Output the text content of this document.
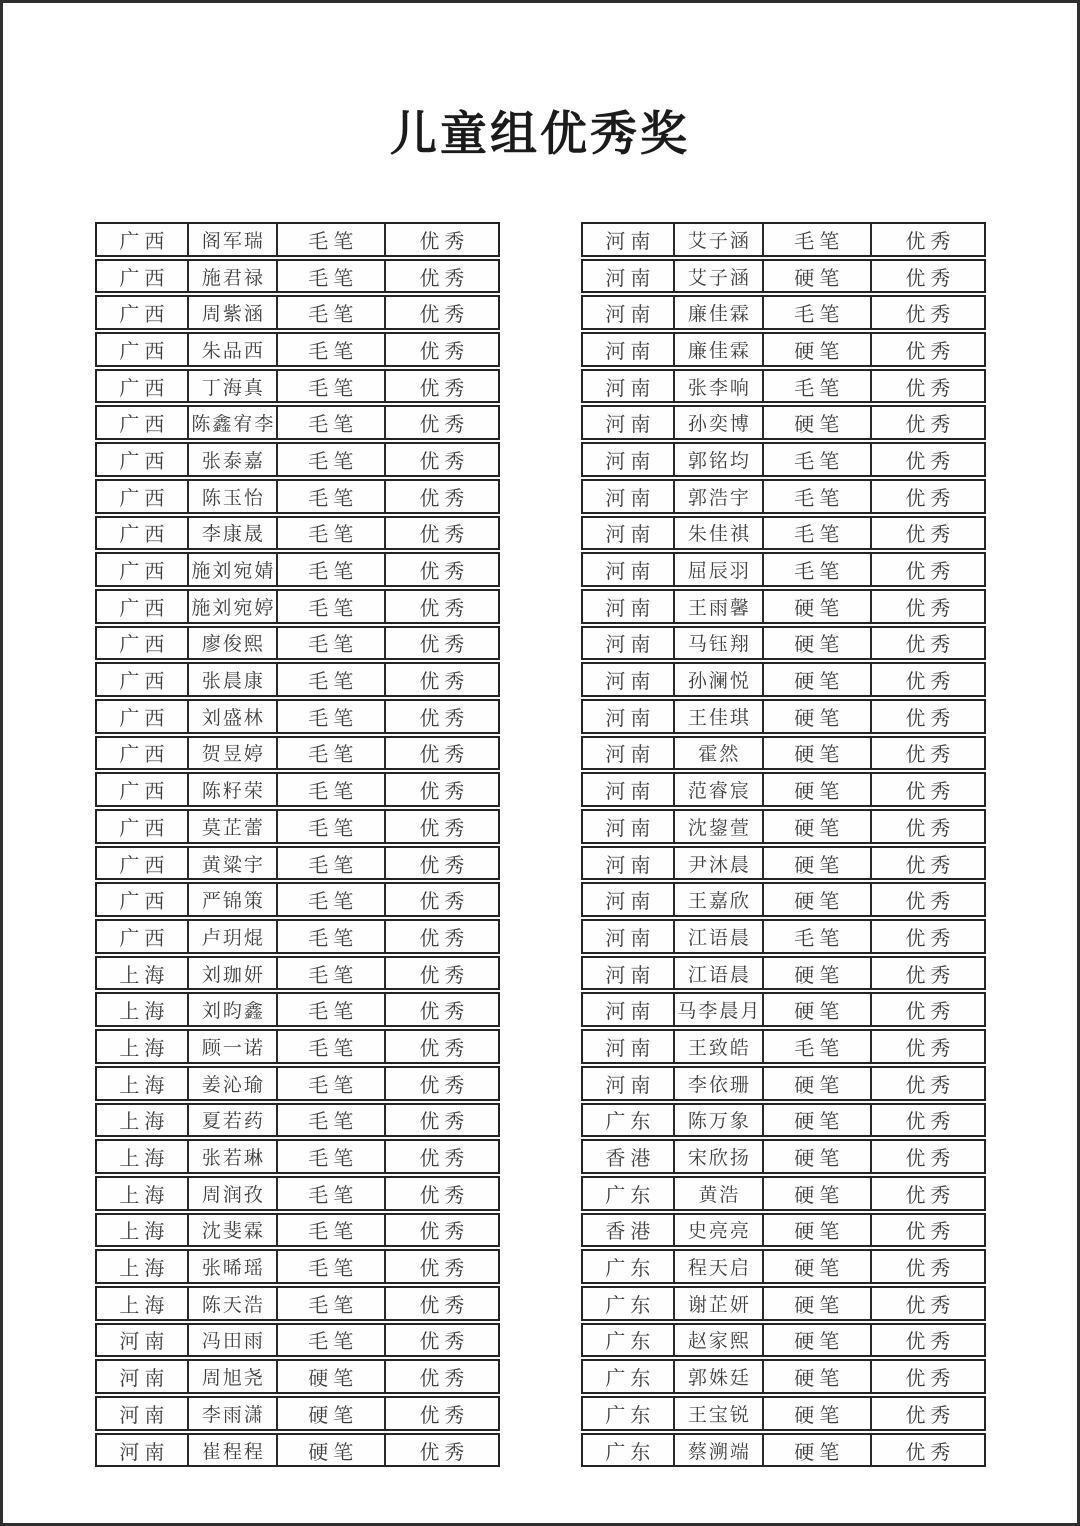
儿童组优秀奖
广西	阁军瑞	毛笔	优秀
广西	施君禄	毛笔	优秀
广西	周紫涵	毛笔	优秀
广西	朱品西	毛笔	优秀
广西	丁海真	毛笔	优秀
广西	陈鑫宥李	毛笔	优秀
广西	张泰嘉	毛笔	优秀
广西	陈玉怡	毛笔	优秀
广西	李康晟	毛笔	优秀
广西	施刘宛婧	毛笔	优秀
广西	施刘宛婷	毛笔	优秀
广西	廖俊熙	毛笔	优秀
广西	张晨康	毛笔	优秀
广西	刘盛林	毛笔	优秀
广西	贺昱婷	毛笔	优秀
广西	陈籽荣	毛笔	优秀
广西	莫芷蕾	毛笔	优秀
广西	黄粱宇	毛笔	优秀
广西	严锦策	毛笔	优秀
广西	卢玥焜	毛笔	优秀
上海	刘珈妍	毛笔	优秀
上海	刘昀鑫	毛笔	优秀
上海	顾一诺	毛笔	优秀
上海	姜沁瑜	毛笔	优秀
上海	夏若药	毛笔	优秀
上海	张若琳	毛笔	优秀
上海	周润孜	毛笔	优秀
上海	沈斐霖	毛笔	优秀
上海	张晞瑶	毛笔	优秀
上海	陈天浩	毛笔	优秀
河南	冯田雨	毛笔	优秀
河南	周旭尧	硬笔	优秀
河南	李雨潇	硬笔	优秀
河南	崔程程	硬笔	优秀
河南	艾子涵	毛笔	优秀
河南	艾子涵	硬笔	优秀
河南	廉佳霖	毛笔	优秀
河南	廉佳霖	硬笔	优秀
河南	张李响	毛笔	优秀
河南	孙奕博	硬笔	优秀
河南	郭铭均	毛笔	优秀
河南	郭浩宇	毛笔	优秀
河南	朱佳祺	毛笔	优秀
河南	屈辰羽	毛笔	优秀
河南	王雨馨	硬笔	优秀
河南	马钰翔	硬笔	优秀
河南	孙澜悦	硬笔	优秀
河南	王佳琪	硬笔	优秀
河南	霍然	硬笔	优秀
河南	范睿宸	硬笔	优秀
河南	沈鋆萱	硬笔	优秀
河南	尹沐晨	硬笔	优秀
河南	王嘉欣	硬笔	优秀
河南	江语晨	毛笔	优秀
河南	江语晨	硬笔	优秀
河南	马李晨月	硬笔	优秀
河南	王致皓	毛笔	优秀
河南	李依珊	硬笔	优秀
广东	陈万象	硬笔	优秀
香港	宋欣扬	硬笔	优秀
广东	黄浩	硬笔	优秀
香港	史亮亮	硬笔	优秀
广东	程天启	硬笔	优秀
广东	谢芷妍	硬笔	优秀
广东	赵家熙	硬笔	优秀
广东	郭姝廷	硬笔	优秀
广东	王宝锐	硬笔	优秀
广东	蔡溯端	硬笔	优秀
